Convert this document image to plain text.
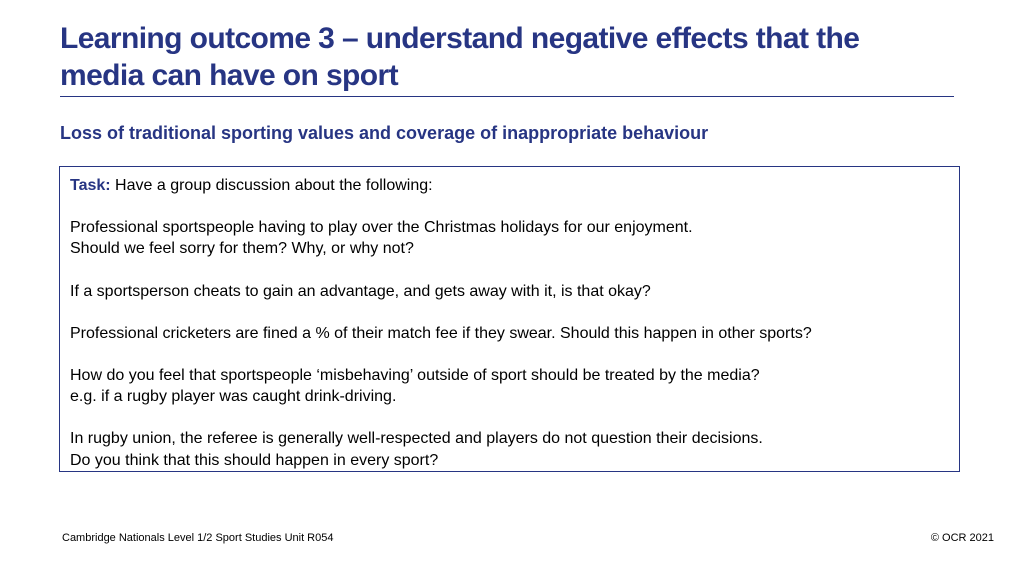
Learning outcome 3 – understand negative effects that the
media can have on sport
Loss of traditional sporting values and coverage of inappropriate behaviour

Task: Have a group discussion about the following:

Professional sportspeople having to play over the Christmas holidays for our enjoyment.
Should we feel sorry for them? Why, or why not?

If a sportsperson cheats to gain an advantage, and gets away with it, is that okay?

Professional cricketers are fined a % of their match fee if they swear. Should this happen in other sports?

How do you feel that sportspeople ‘misbehaving’ outside of sport should be treated by the media?
e.g. if a rugby player was caught drink-driving.

In rugby union, the referee is generally well-respected and players do not question their decisions.
Do you think that this should happen in every sport?

Cambridge Nationals Level 1/2 Sport Studies Unit R054	© OCR 2021
